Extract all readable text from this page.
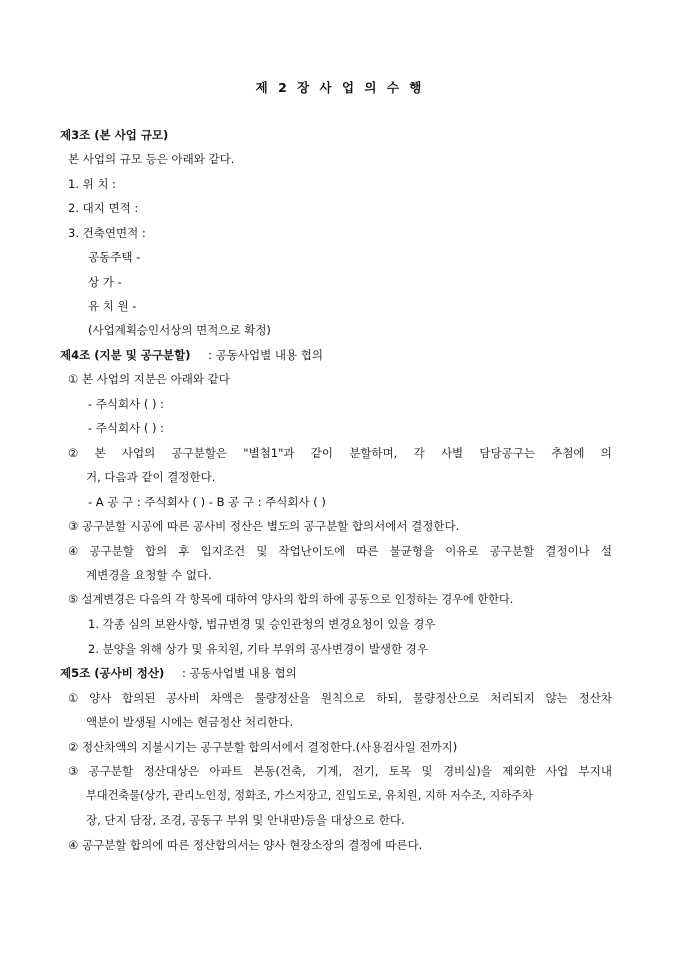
제 2 장 사 업 의 수 행
제3조 (본 사업 규모)
본 사업의 규모 등은 아래와 같다.
1. 위 치 :
2. 대지 면적 :
3. 건축연면적 :
공동주택 -
상 가 -
유 치 원 -
(사업계획승인서상의 면적으로 확정)
제4조 (지분 및 공구분할) : 공동사업별 내용 협의
① 본 사업의 지분은 아래와 같다
- 주식회사 ( ) :
- 주식회사 ( ) :
② 본 사업의 공구분할은 "별첨1"과 같이 분할하며, 각 사별 담당공구는 추첨에 의
거, 다음과 같이 결정한다.
- A 공 구 : 주식회사 ( ) - B 공 구 : 주식회사 ( )
③ 공구분할 시공에 따른 공사비 정산은 별도의 공구분할 합의서에서 결정한다.
④ 공구분할 합의 후 입지조건 및 작업난이도에 따른 불균형을 이유로 공구분할 결정이나 설
계변경을 요청할 수 없다.
⑤ 설계변경은 다음의 각 항목에 대하여 양사의 합의 하에 공동으로 인정하는 경우에 한한다.
1. 각종 심의 보완사항, 법규변경 및 승인관청의 변경요청이 있을 경우
2. 분양을 위해 상가 및 유치원, 기타 부위의 공사변경이 발생한 경우
제5조 (공사비 정산) : 공동사업별 내용 협의
① 양사 합의된 공사비 차액은 물량정산을 원칙으로 하되, 물량정산으로 처리되지 않는 정산차
액분이 발생될 시에는 현금정산 처리한다.
② 정산차액의 지불시기는 공구분할 합의서에서 결정한다.(사용검사일 전까지)
③ 공구분할 정산대상은 아파트 본동(건축, 기계, 전기, 토목 및 경비실)을 제외한 사업 부지내
부대건축물(상가, 관리노인정, 정화조, 가스저장고, 진입도로, 유치원, 지하 저수조, 지하주차
장, 단지 담장, 조경, 공동구 부위 및 안내판)등을 대상으로 한다.
④ 공구분할 합의에 따른 정산합의서는 양사 현장소장의 결정에 따른다.
